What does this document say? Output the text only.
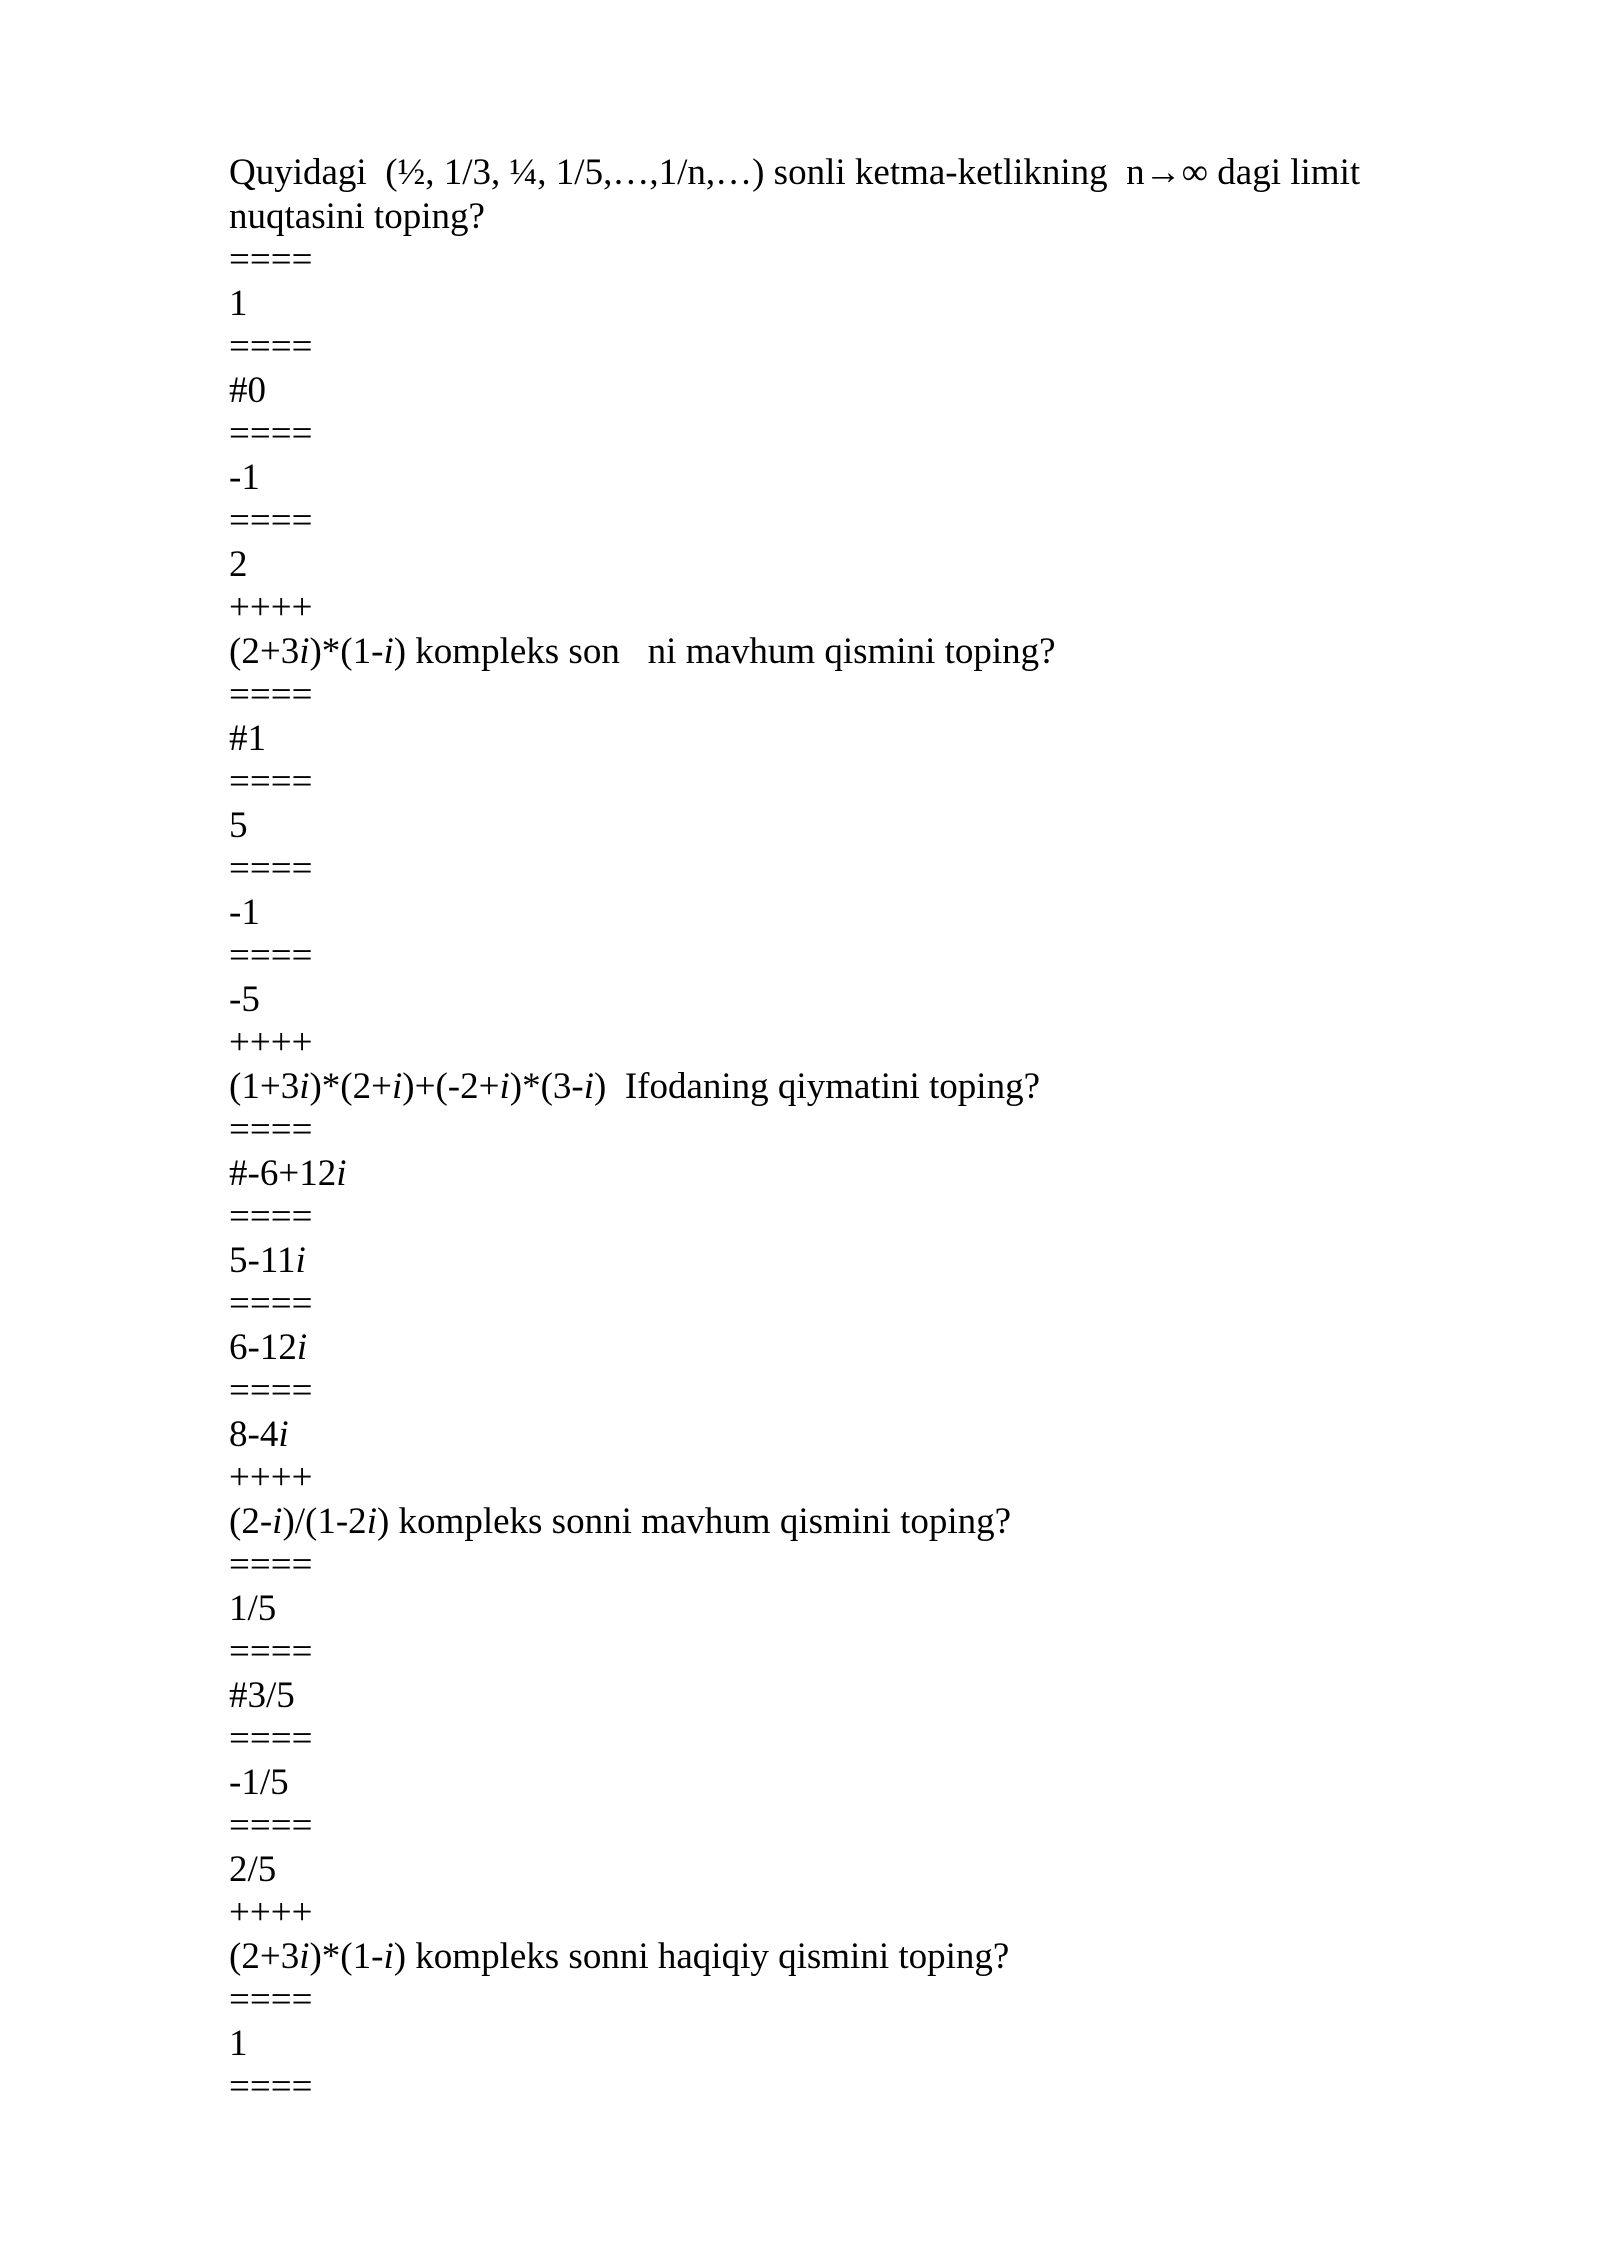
Quyidagi  (½, 1/3, ¼, 1/5,…,1/n,…) sonli ketma-ketlikning  n→∞ dagi limit
nuqtasini toping?
====
1
====
#0
====
-1
====
2
++++
(2+3i)*(1-i) kompleks son   ni mavhum qismini toping?
====
#1
====
5
====
-1
====
-5
++++
(1+3i)*(2+i)+(-2+i)*(3-i)  Ifodaning qiymatini toping?
====
#-6+12i
====
5-11i
====
6-12i
====
8-4i
++++
(2-i)/(1-2i) kompleks sonni mavhum qismini toping?
====
1/5
====
#3/5
====
-1/5
====
2/5
++++
(2+3i)*(1-i) kompleks sonni haqiqiy qismini toping?
====
1
====
